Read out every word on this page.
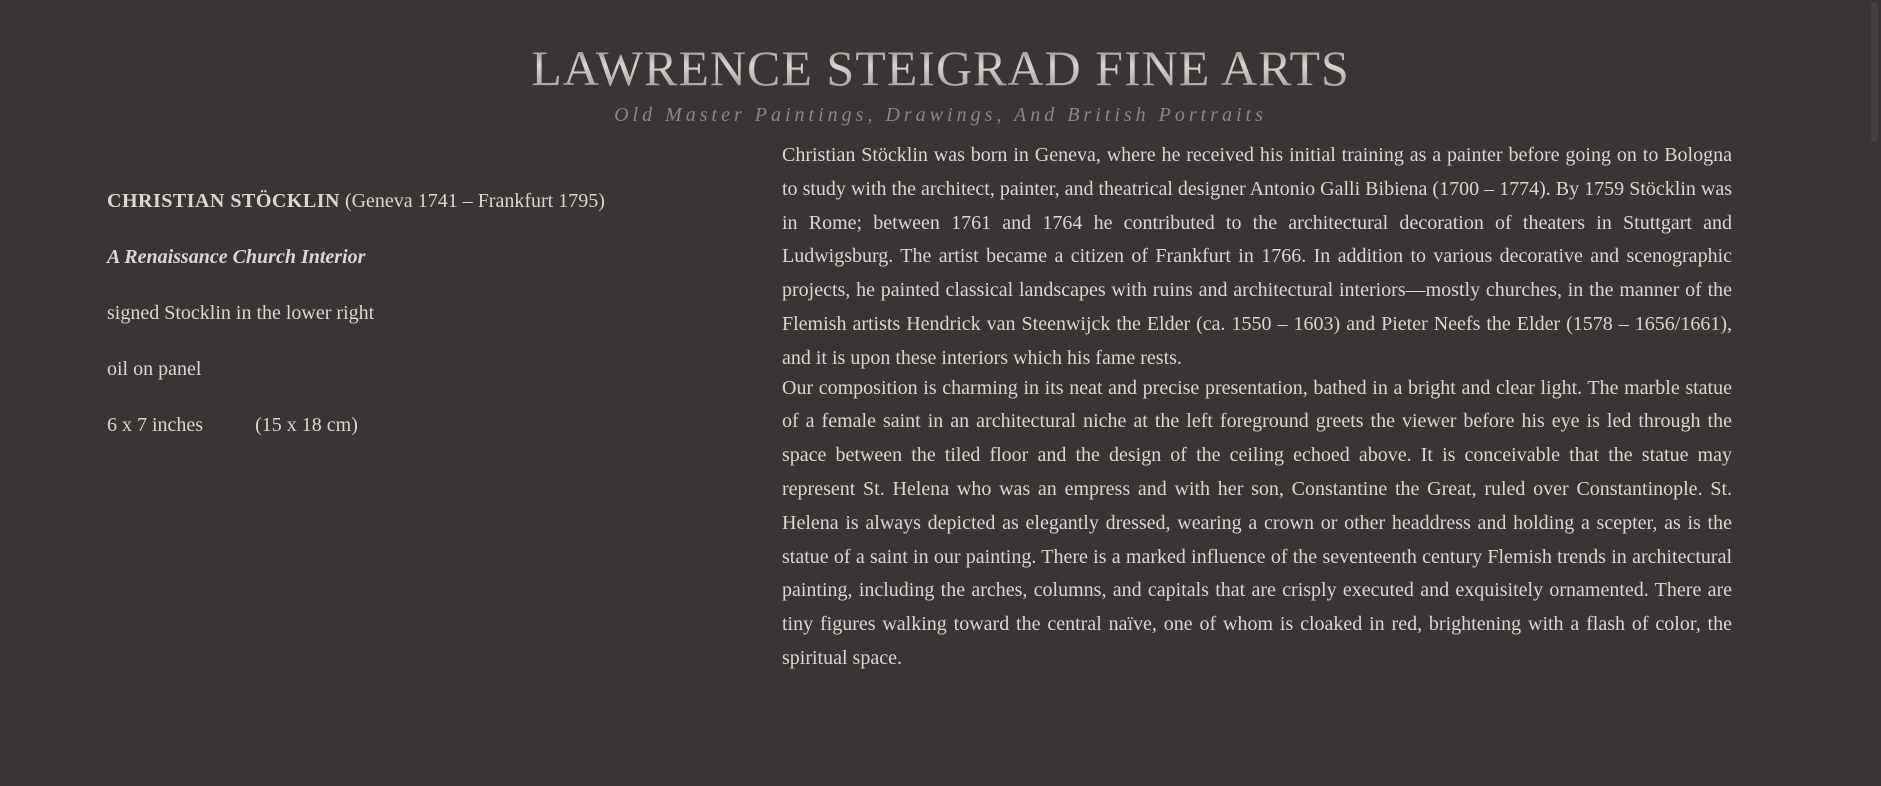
LAWRENCE STEIGRAD FINE ARTS
Old Master Paintings, Drawings, And British Portraits

CHRISTIAN STÖCKLIN (Geneva 1741 – Frankfurt 1795)

A Renaissance Church Interior

signed Stocklin in the lower right

oil on panel

6 x 7 inches	(15 x 18 cm)

Christian Stöcklin was born in Geneva, where he received his initial training as a painter before going on to Bologna to study with the architect, painter, and theatrical designer Antonio Galli Bibiena (1700 – 1774). By 1759 Stöcklin was in Rome; between 1761 and 1764 he contributed to the architectural decoration of theaters in Stuttgart and Ludwigsburg. The artist became a citizen of Frankfurt in 1766. In addition to various decorative and scenographic projects, he painted classical landscapes with ruins and architectural interiors—mostly churches, in the manner of the Flemish artists Hendrick van Steenwijck the Elder (ca. 1550 – 1603) and Pieter Neefs the Elder (1578 – 1656/1661), and it is upon these interiors which his fame rests.

Our composition is charming in its neat and precise presentation, bathed in a bright and clear light. The marble statue of a female saint in an architectural niche at the left foreground greets the viewer before his eye is led through the space between the tiled floor and the design of the ceiling echoed above. It is conceivable that the statue may represent St. Helena who was an empress and with her son, Constantine the Great, ruled over Constantinople. St. Helena is always depicted as elegantly dressed, wearing a crown or other headdress and holding a scepter, as is the statue of a saint in our painting. There is a marked influence of the seventeenth century Flemish trends in architectural painting, including the arches, columns, and capitals that are crisply executed and exquisitely ornamented. There are tiny figures walking toward the central naïve, one of whom is cloaked in red, brightening with a flash of color, the spiritual space.
